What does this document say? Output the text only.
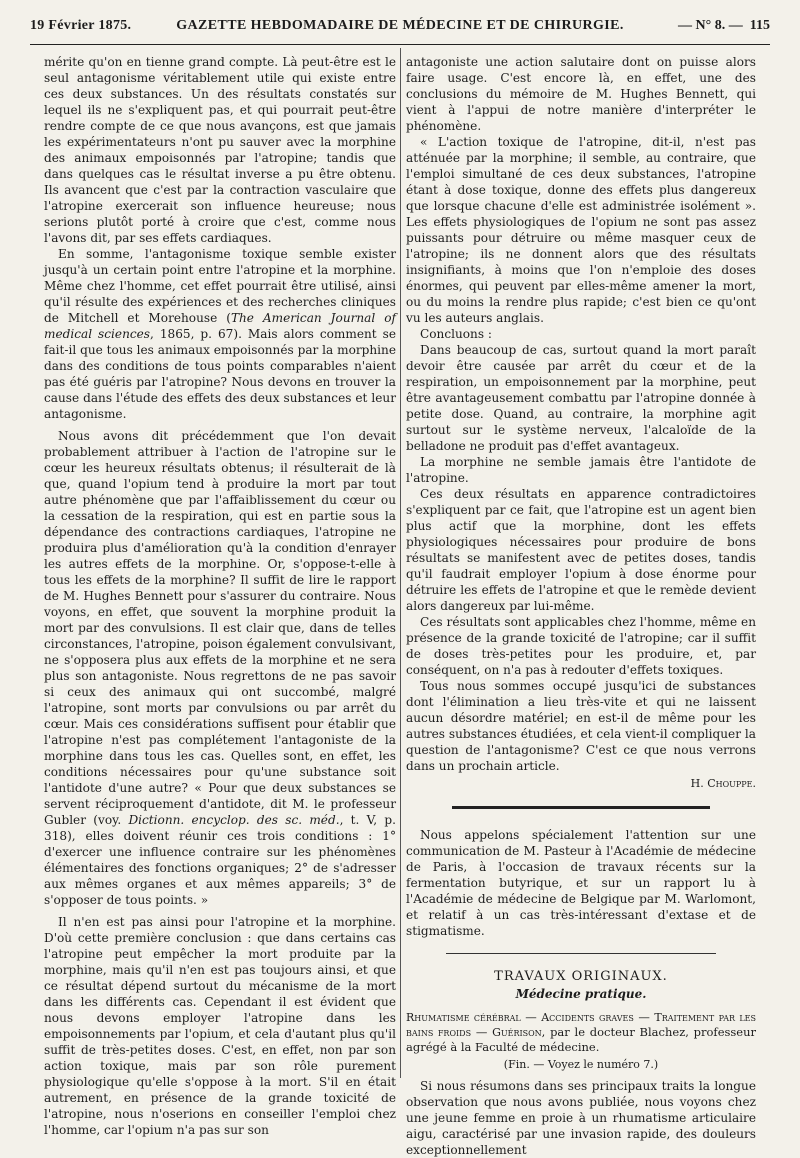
19 Février 1875.	GAZETTE HEBDOMADAIRE DE MÉDECINE ET DE CHIRURGIE.	— N° 8. — 115

mérite qu'on en tienne grand compte. Là peut-être est le seul antagonisme véritablement utile qui existe entre ces deux substances. Un des résultats constatés sur lequel ils ne s'expliquent pas, et qui pourrait peut-être rendre compte de ce que nous avançons, est que jamais les expérimentateurs n'ont pu sauver avec la morphine des animaux empoisonnés par l'atropine; tandis que dans quelques cas le résultat inverse a pu être obtenu. Ils avancent que c'est par la contraction vasculaire que l'atropine exercerait son influence heureuse; nous serions plutôt porté à croire que c'est, comme nous l'avons dit, par ses effets cardiaques.

En somme, l'antagonisme toxique semble exister jusqu'à un certain point entre l'atropine et la morphine. Même chez l'homme, cet effet pourrait être utilisé, ainsi qu'il résulte des expériences et des recherches cliniques de Mitchell et Morehouse (The American Journal of medical sciences, 1865, p. 67). Mais alors comment se fait-il que tous les animaux empoisonnés par la morphine dans des conditions de tous points comparables n'aient pas été guéris par l'atropine? Nous devons en trouver la cause dans l'étude des effets des deux substances et leur antagonisme.

Nous avons dit précédemment que l'on devait probablement attribuer à l'action de l'atropine sur le cœur les heureux résultats obtenus; il résulterait de là que, quand l'opium tend à produire la mort par tout autre phénomène que par l'affaiblissement du cœur ou la cessation de la respiration, qui est en partie sous la dépendance des contractions cardiaques, l'atropine ne produira plus d'amélioration qu'à la condition d'enrayer les autres effets de la morphine. Or, s'oppose-t-elle à tous les effets de la morphine? Il suffit de lire le rapport de M. Hughes Bennett pour s'assurer du contraire. Nous voyons, en effet, que souvent la morphine produit la mort par des convulsions. Il est clair que, dans de telles circonstances, l'atropine, poison également convulsivant, ne s'opposera plus aux effets de la morphine et ne sera plus son antagoniste. Nous regrettons de ne pas savoir si ceux des animaux qui ont succombé, malgré l'atropine, sont morts par convulsions ou par arrêt du cœur. Mais ces considérations suffisent pour établir que l'atropine n'est pas complétement l'antagoniste de la morphine dans tous les cas. Quelles sont, en effet, les conditions nécessaires pour qu'une substance soit l'antidote d'une autre? « Pour que deux substances se servent réciproquement d'antidote, dit M. le professeur Gubler (voy. Dictionn. encyclop. des sc. méd., t. V, p. 318), elles doivent réunir ces trois conditions : 1° d'exercer une influence contraire sur les phénomènes élémentaires des fonctions organiques; 2° de s'adresser aux mêmes organes et aux mêmes appareils; 3° de s'opposer de tous points. »

Il n'en est pas ainsi pour l'atropine et la morphine. D'où cette première conclusion : que dans certains cas l'atropine peut empêcher la mort produite par la morphine, mais qu'il n'en est pas toujours ainsi, et que ce résultat dépend surtout du mécanisme de la mort dans les différents cas. Cependant il est évident que nous devons employer l'atropine dans les empoisonnements par l'opium, et cela d'autant plus qu'il suffit de très-petites doses. C'est, en effet, non par son action toxique, mais par son rôle purement physiologique qu'elle s'oppose à la mort. S'il en était autrement, en présence de la grande toxicité de l'atropine, nous n'oserions en conseiller l'emploi chez l'homme, car l'opium n'a pas sur son

antagoniste une action salutaire dont on puisse alors faire usage. C'est encore là, en effet, une des conclusions du mémoire de M. Hughes Bennett, qui vient à l'appui de notre manière d'interpréter le phénomène.

« L'action toxique de l'atropine, dit-il, n'est pas atténuée par la morphine; il semble, au contraire, que l'emploi simultané de ces deux substances, l'atropine étant à dose toxique, donne des effets plus dangereux que lorsque chacune d'elle est administrée isolément ». Les effets physiologiques de l'opium ne sont pas assez puissants pour détruire ou même masquer ceux de l'atropine; ils ne donnent alors que des résultats insignifiants, à moins que l'on n'emploie des doses énormes, qui peuvent par elles-même amener la mort, ou du moins la rendre plus rapide; c'est bien ce qu'ont vu les auteurs anglais.

Concluons :

Dans beaucoup de cas, surtout quand la mort paraît devoir être causée par arrêt du cœur et de la respiration, un empoisonnement par la morphine, peut être avantageusement combattu par l'atropine donnée à petite dose. Quand, au contraire, la morphine agit surtout sur le système nerveux, l'alcaloïde de la belladone ne produit pas d'effet avantageux.

La morphine ne semble jamais être l'antidote de l'atropine.

Ces deux résultats en apparence contradictoires s'expliquent par ce fait, que l'atropine est un agent bien plus actif que la morphine, dont les effets physiologiques nécessaires pour produire de bons résultats se manifestent avec de petites doses, tandis qu'il faudrait employer l'opium à dose énorme pour détruire les effets de l'atropine et que le remède devient alors dangereux par lui-même.

Ces résultats sont applicables chez l'homme, même en présence de la grande toxicité de l'atropine; car il suffit de doses très-petites pour les produire, et, par conséquent, on n'a pas à redouter d'effets toxiques.

Tous nous sommes occupé jusqu'ici de substances dont l'élimination a lieu très-vite et qui ne laissent aucun désordre matériel; en est-il de même pour les autres substances étudiées, et cela vient-il compliquer la question de l'antagonisme? C'est ce que nous verrons dans un prochain article.

H. Chouppe.

Nous appelons spécialement l'attention sur une communication de M. Pasteur à l'Académie de médecine de Paris, à l'occasion de travaux récents sur la fermentation butyrique, et sur un rapport lu à l'Académie de médecine de Belgique par M. Warlomont, et relatif à un cas très-intéressant d'extase et de stigmatisme.

TRAVAUX ORIGINAUX.
Médecine pratique.

Rhumatisme cérébral — Accidents graves — Traitement par les bains froids — Guérison, par le docteur Blachez, professeur agrégé à la Faculté de médecine.

(Fin. — Voyez le numéro 7.)

Si nous résumons dans ses principaux traits la longue observation que nous avons publiée, nous voyons chez une jeune femme en proie à un rhumatisme articulaire aigu, caractérisé par une invasion rapide, des douleurs exceptionnellement
